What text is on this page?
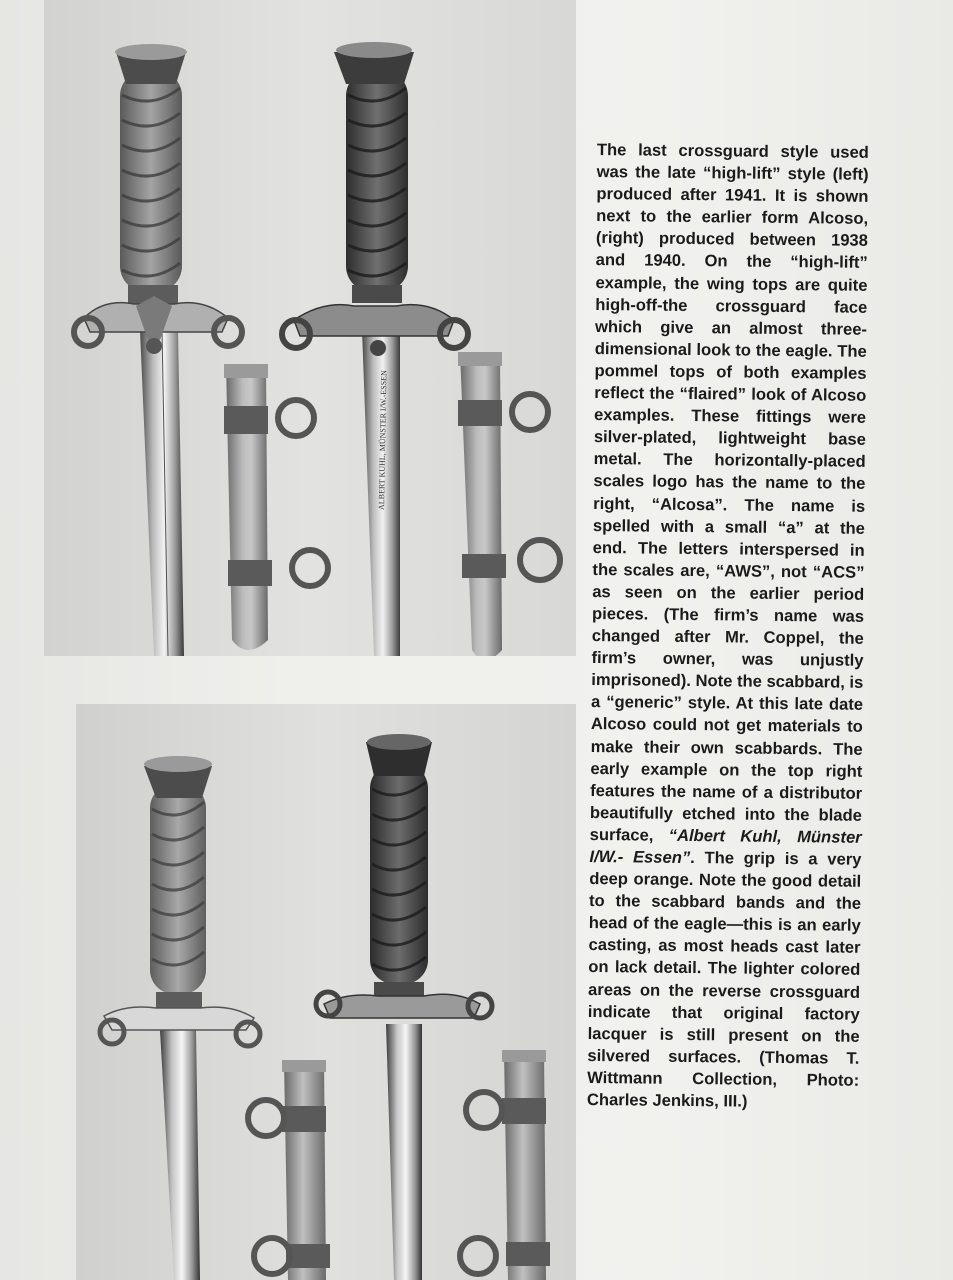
ALBERT KUHL, MÜNSTER I/W.-ESSEN
The last crossguard style used was the late “high-lift” style (left) produced after 1941. It is shown next to the earlier form Alcoso, (right) produced between 1938 and 1940. On the “high-lift” example, the wing tops are quite high-off-the crossguard face which give an almost three-dimensional look to the eagle. The pommel tops of both examples reflect the “flaired” look of Alcoso examples. These fittings were silver-plated, lightweight base metal. The horizontally-placed scales logo has the name to the right, “Alcosa”. The name is spelled with a small “a” at the end. The letters interspersed in the scales are, “AWS”, not “ACS” as seen on the earlier period pieces. (The firm’s name was changed after Mr. Coppel, the firm’s owner, was unjustly imprisoned). Note the scabbard, is a “generic” style. At this late date Alcoso could not get materials to make their own scabbards. The early example on the top right features the name of a distributor beautifully etched into the blade surface, “Albert Kuhl, Münster I/W.- Essen”. The grip is a very deep orange. Note the good detail to the scabbard bands and the head of the eagle—this is an early casting, as most heads cast later on lack detail. The lighter colored areas on the reverse crossguard indicate that original factory lacquer is still present on the silvered surfaces. (Thomas T. Wittmann Collection, Photo: Charles Jenkins, III.)
